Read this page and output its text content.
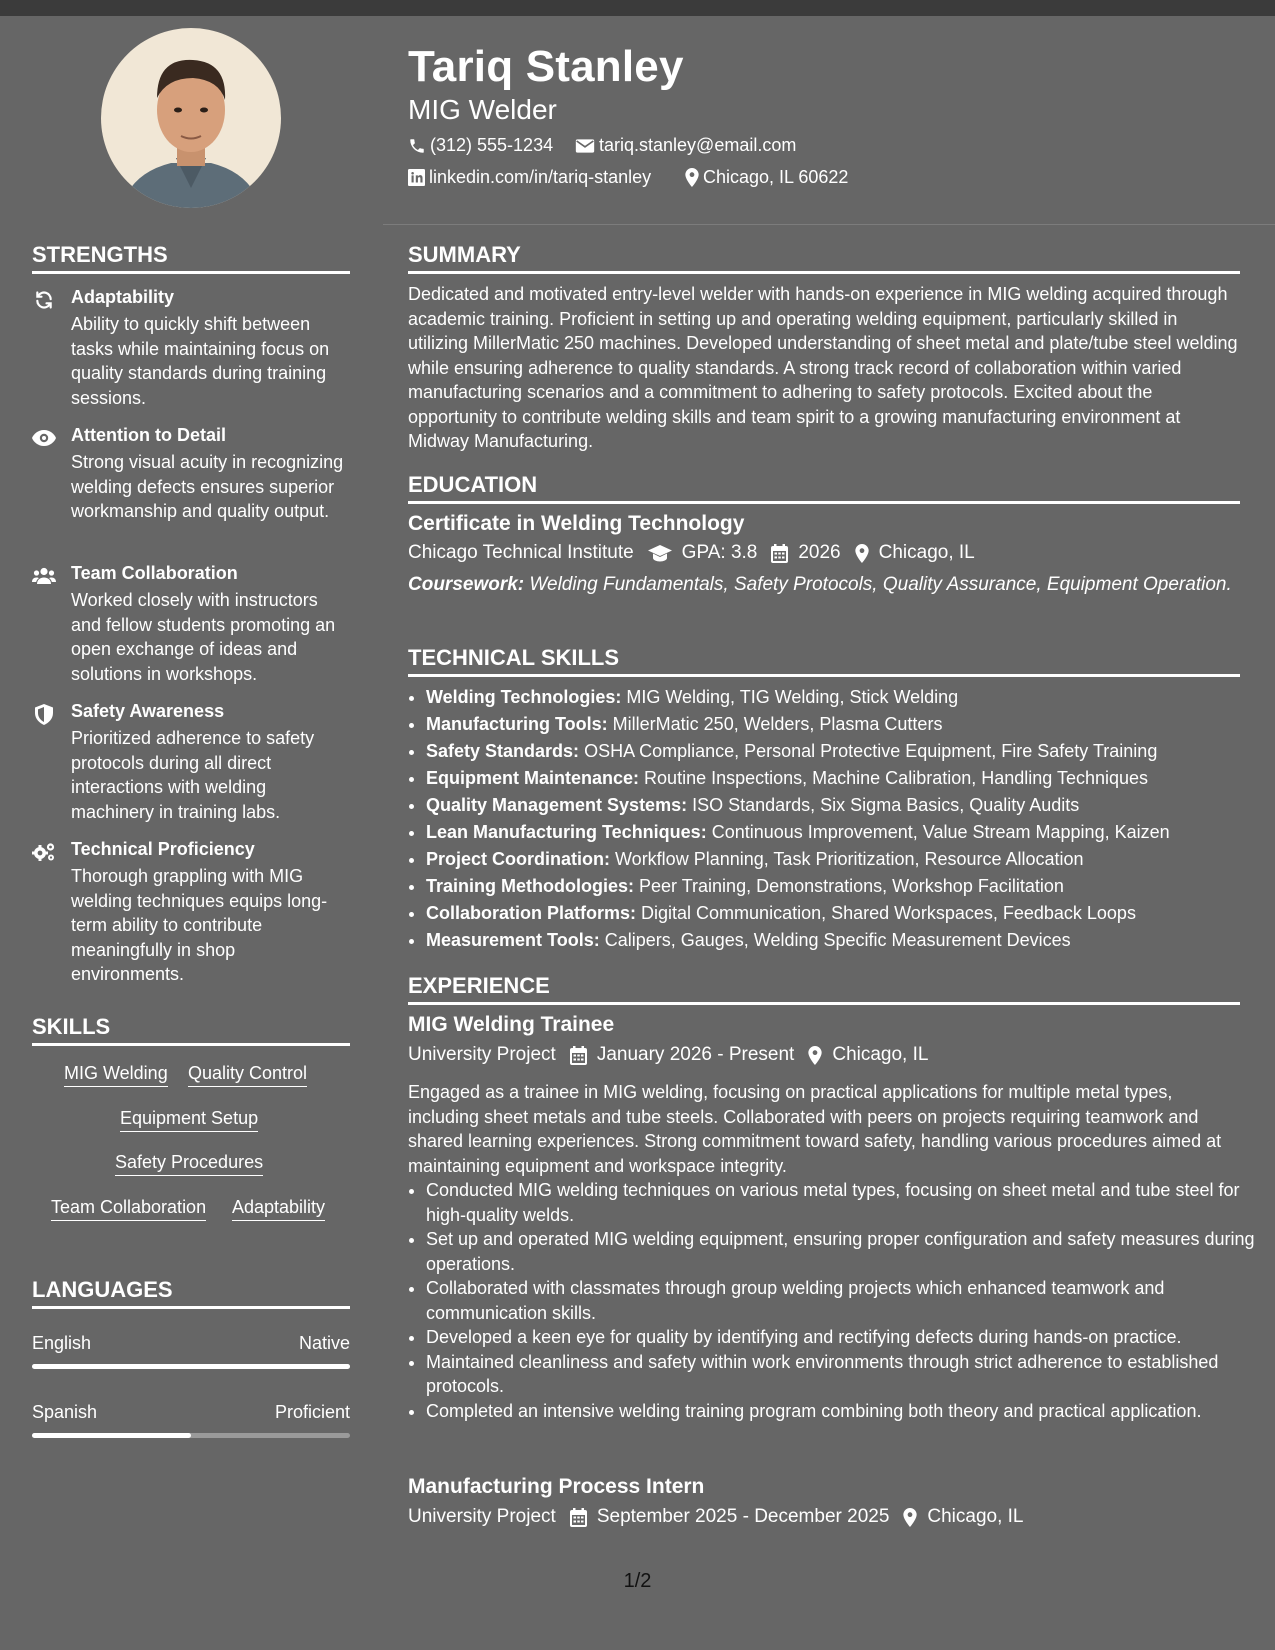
Tariq Stanley
MIG Welder
(312) 555-1234	tariq.stanley@email.com
linkedin.com/in/tariq-stanley	Chicago, IL 60622
STRENGTHS
Adaptability
Ability to quickly shift between tasks while maintaining focus on quality standards during training sessions.
Attention to Detail
Strong visual acuity in recognizing welding defects ensures superior workmanship and quality output.
Team Collaboration
Worked closely with instructors and fellow students promoting an open exchange of ideas and solutions in workshops.
Safety Awareness
Prioritized adherence to safety protocols during all direct interactions with welding machinery in training labs.
Technical Proficiency
Thorough grappling with MIG welding techniques equips long-term ability to contribute meaningfully in shop environments.
SKILLS
MIG Welding Quality Control
Equipment Setup
Safety Procedures
Team Collaboration Adaptability
LANGUAGES
English	Native
Spanish	Proficient
SUMMARY
Dedicated and motivated entry-level welder with hands-on experience in MIG welding acquired through academic training. Proficient in setting up and operating welding equipment, particularly skilled in utilizing MillerMatic 250 machines. Developed understanding of sheet metal and plate/tube steel welding while ensuring adherence to quality standards. A strong track record of collaboration within varied manufacturing scenarios and a commitment to adhering to safety protocols. Excited about the opportunity to contribute welding skills and team spirit to a growing manufacturing environment at Midway Manufacturing.
EDUCATION
Certificate in Welding Technology
Chicago Technical Institute	GPA: 3.8 2026 Chicago, IL
Coursework: Welding Fundamentals, Safety Protocols, Quality Assurance, Equipment Operation.
TECHNICAL SKILLS
• Welding Technologies: MIG Welding, TIG Welding, Stick Welding
• Manufacturing Tools: MillerMatic 250, Welders, Plasma Cutters
• Safety Standards: OSHA Compliance, Personal Protective Equipment, Fire Safety Training
• Equipment Maintenance: Routine Inspections, Machine Calibration, Handling Techniques
• Quality Management Systems: ISO Standards, Six Sigma Basics, Quality Audits
• Lean Manufacturing Techniques: Continuous Improvement, Value Stream Mapping, Kaizen
• Project Coordination: Workflow Planning, Task Prioritization, Resource Allocation
• Training Methodologies: Peer Training, Demonstrations, Workshop Facilitation
• Collaboration Platforms: Digital Communication, Shared Workspaces, Feedback Loops
• Measurement Tools: Calipers, Gauges, Welding Specific Measurement Devices
EXPERIENCE
MIG Welding Trainee
University Project January 2026 - Present Chicago, IL
Engaged as a trainee in MIG welding, focusing on practical applications for multiple metal types, including sheet metals and tube steels. Collaborated with peers on projects requiring teamwork and shared learning experiences. Strong commitment toward safety, handling various procedures aimed at maintaining equipment and workspace integrity.
• Conducted MIG welding techniques on various metal types, focusing on sheet metal and tube steel for high-quality welds.
• Set up and operated MIG welding equipment, ensuring proper configuration and safety measures during operations.
• Collaborated with classmates through group welding projects which enhanced teamwork and communication skills.
• Developed a keen eye for quality by identifying and rectifying defects during hands-on practice.
• Maintained cleanliness and safety within work environments through strict adherence to established protocols.
• Completed an intensive welding training program combining both theory and practical application.
Manufacturing Process Intern
University Project September 2025 - December 2025 Chicago, IL
1/2
